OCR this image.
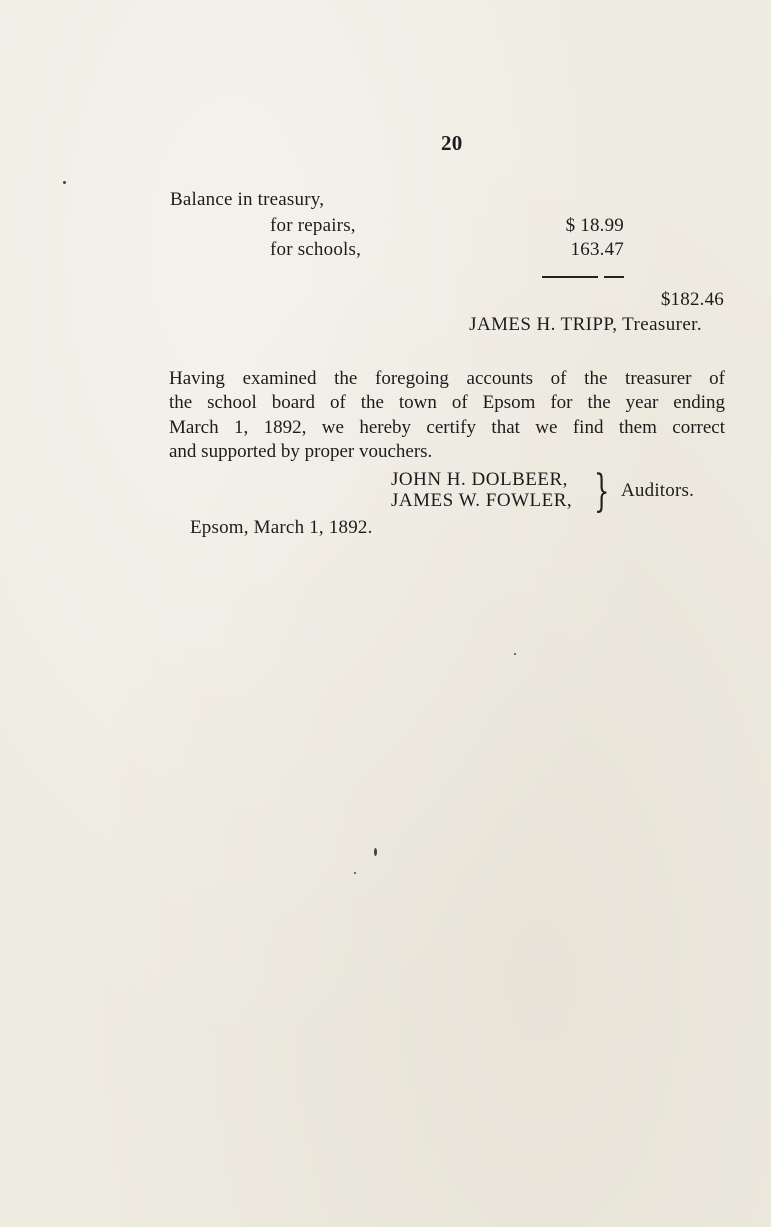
20
Balance in treasury,
for repairs,	$ 18.99
for schools,	163.47
$182.46
JAMES H. TRIPP, Treasurer.
Having examined the foregoing accounts of the treasurer of
the school board of the town of Epsom for the year ending
March 1, 1892, we hereby certify that we find them correct
and supported by proper vouchers.
JOHN H. DOLBEER,
JAMES W. FOWLER, } Auditors.
Epsom, March 1, 1892.
